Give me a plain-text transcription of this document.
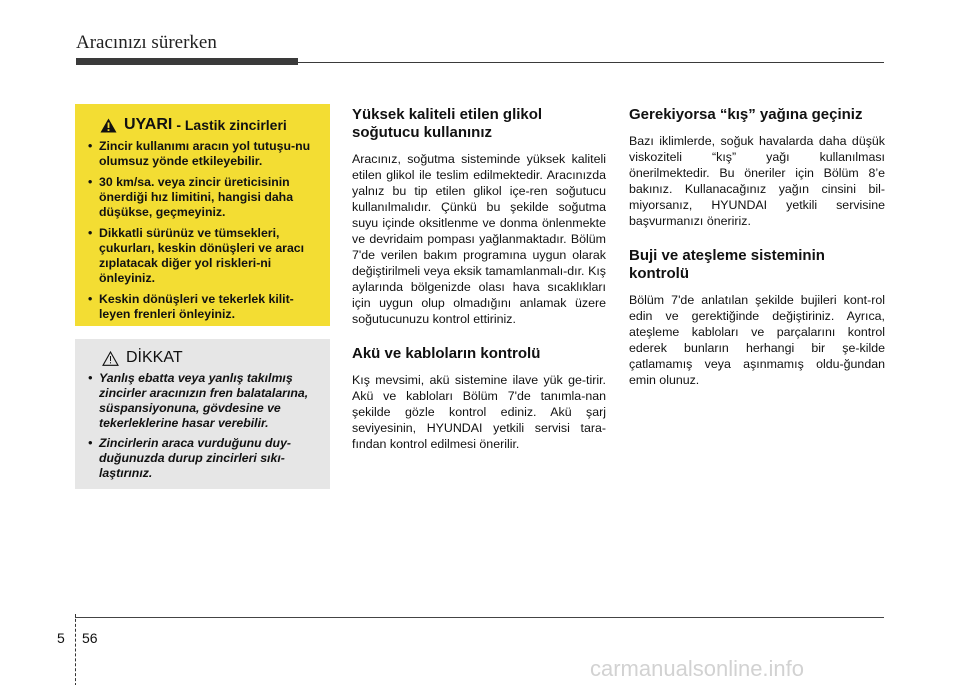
Aracınızı sürerken
UYARI - Lastik zincirleri
• Zincir kullanımı aracın yol tutuşu-nu olumsuz yönde etkileyebilir.
• 30 km/sa. veya zincir üreticisinin önerdiği hız limitini, hangisi daha düşükse, geçmeyiniz.
• Dikkatli sürünüz ve tümsekleri, çukurları, keskin dönüşleri ve aracı zıplatacak diğer yol riskleri-ni önleyiniz.
• Keskin dönüşleri ve tekerlek kilit-leyen frenleri önleyiniz.
DİKKAT
• Yanlış ebatta veya yanlış takılmış zincirler aracınızın fren balatalarına, süspansiyonuna, gövdesine ve tekerleklerine hasar verebilir.
• Zincirlerin araca vurduğunu duy-duğunuzda durup zincirleri sıkı-laştırınız.
Yüksek kaliteli etilen glikol soğutucu kullanınız

Aracınız, soğutma sisteminde yüksek kaliteli etilen glikol ile teslim edilmektedir. Aracınızda yalnız bu tip etilen glikol içe-ren soğutucu kullanılmalıdır. Çünkü bu şekilde soğutma suyu içinde oksitlenme ve donma önlenmekte ve devridaim pompası yağlanmaktadır. Bölüm 7'de verilen bakım programına uygun olarak değiştirilmeli veya eksik tamamlanmalı-dır. Kış aylarında bölgenizde olası hava sıcaklıkları için uygun olup olmadığını anlamak üzere soğutucunuzu kontrol ettiriniz.

Akü ve kabloların kontrolü

Kış mevsimi, akü sistemine ilave yük ge-tirir. Akü ve kabloları Bölüm 7'de tanımla-nan şekilde gözle kontrol ediniz. Akü şarj seviyesinin, HYUNDAI yetkili servisi tara-fından kontrol edilmesi önerilir.

Gerekiyorsa “kış” yağına geçiniz

Bazı iklimlerde, soğuk havalarda daha düşük viskoziteli “kış” yağı kullanılması önerilmektedir. Bu öneriler için Bölüm 8’e bakınız. Kullanacağınız yağın cinsini bil-miyorsanız, HYUNDAI yetkili servisine başvurmanızı öneririz.

Buji ve ateşleme sisteminin kontrolü

Bölüm 7'de anlatılan şekilde bujileri kont-rol edin ve gerektiğinde değiştiriniz. Ayrıca, ateşleme kabloları ve parçalarını kontrol ederek bunların herhangi bir şe-kilde çatlamamış veya aşınmamış oldu-ğundan emin olunuz.

5 56
carmanualsonline.info
